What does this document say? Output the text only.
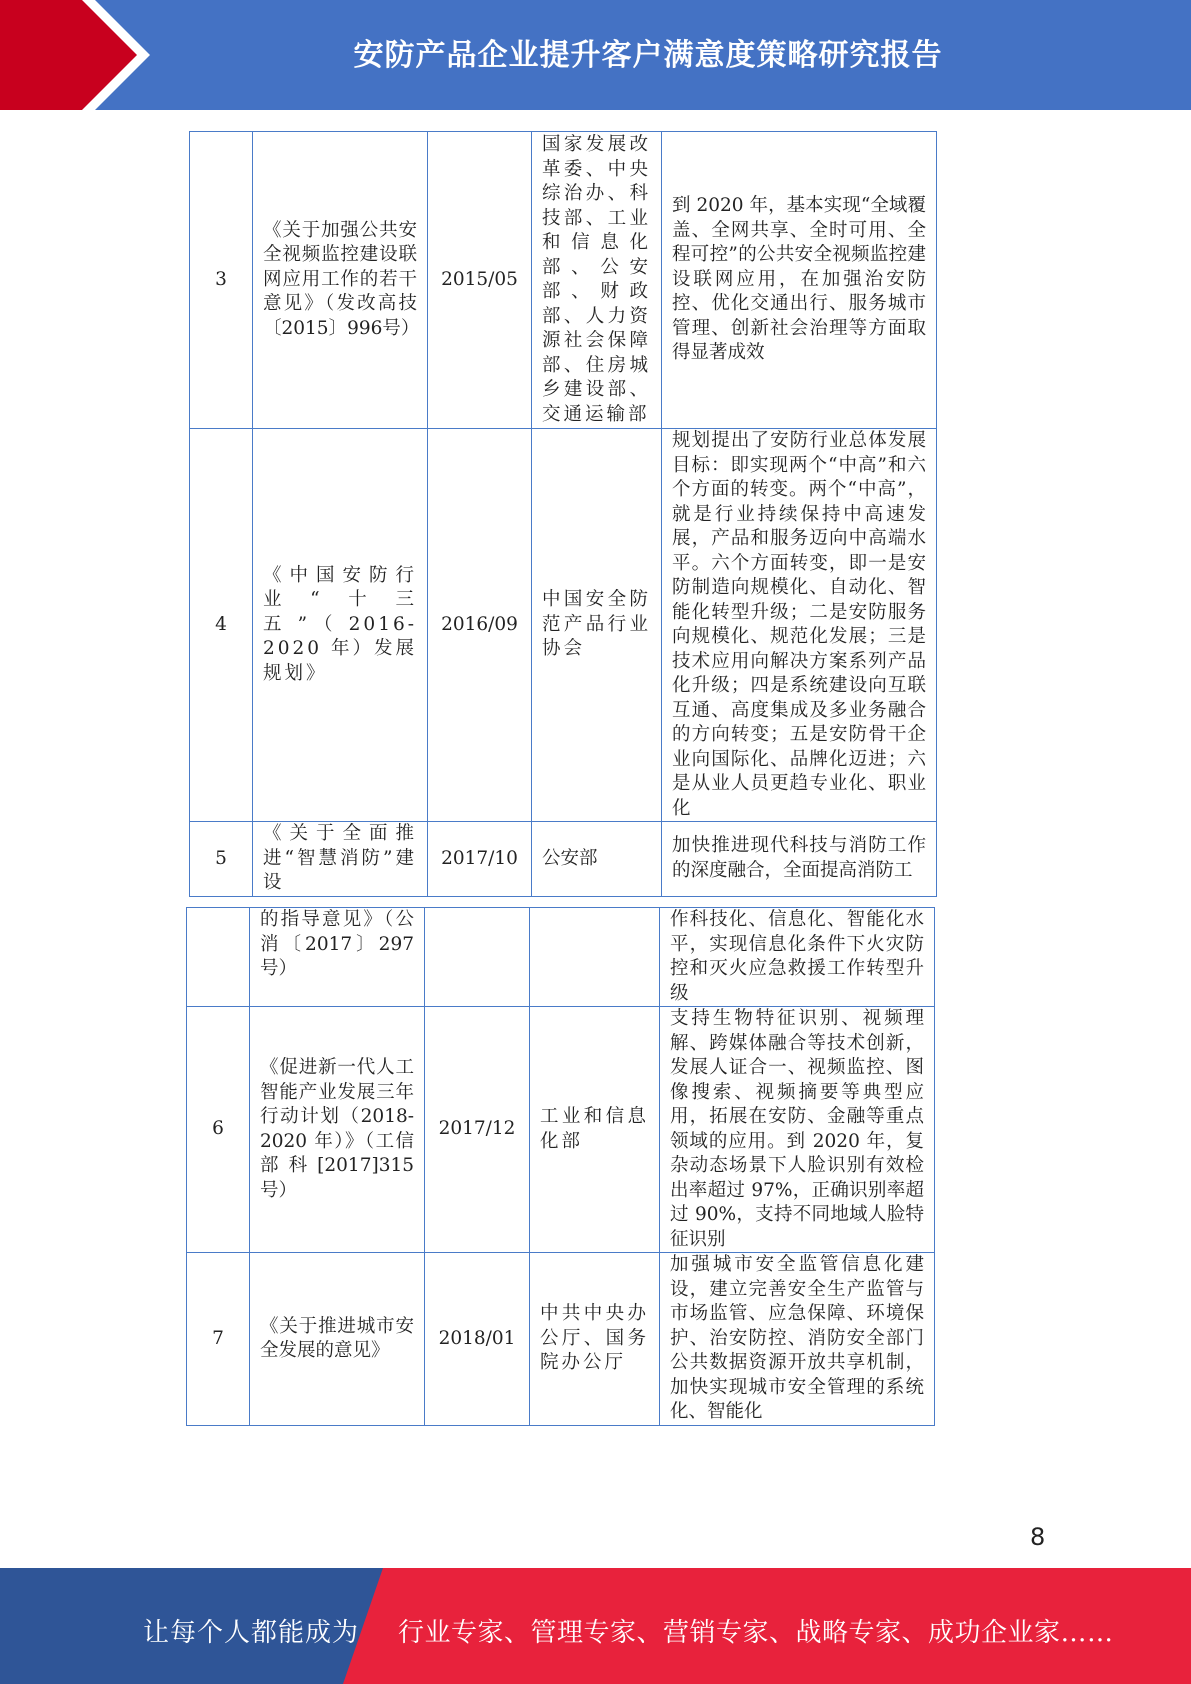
安防产品企业提升客户满意度策略研究报告
3	《关于加强公共安全视频监控建设联网应用工作的若干意见》（发改高技〔2015〕996号）	2015/05	国家发展改革委、中央综治办、科技部、工业和信息化部、公安部、财政部、人力资源社会保障部、住房城乡建设部、交通运输部	到 2020 年，基本实现“全域覆盖、全网共享、全时可用、全程可控”的公共安全视频监控建设联网应用，在加强治安防控、优化交通出行、服务城市管理、创新社会治理等方面取得显著成效
4	《中国安防行业“十三五”（2016-2020 年）发展规划》	2016/09	中国安全防范产品行业协会	规划提出了安防行业总体发展目标：即实现两个“中高”和六个方面的转变。两个“中高”，就是行业持续保持中高速发展，产品和服务迈向中高端水平。六个方面转变，即一是安防制造向规模化、自动化、智能化转型升级；二是安防服务向规模化、规范化发展；三是技术应用向解决方案系列产品化升级；四是系统建设向互联互通、高度集成及多业务融合的方向转变；五是安防骨干企业向国际化、品牌化迈进；六是从业人员更趋专业化、职业化
5	《关于全面推进“智慧消防”建设	2017/10	公安部	加快推进现代科技与消防工作的深度融合，全面提高消防工
	的指导意见》（公消〔2017〕297号）			作科技化、信息化、智能化水平，实现信息化条件下火灾防控和灭火应急救援工作转型升级
6	《促进新一代人工智能产业发展三年行动计划（2018-2020 年）》（工信部科[2017]315号）	2017/12	工业和信息化部	支持生物特征识别、视频理解、跨媒体融合等技术创新，发展人证合一、视频监控、图像搜索、视频摘要等典型应用，拓展在安防、金融等重点领域的应用。到 2020 年，复杂动态场景下人脸识别有效检出率超过 97%，正确识别率超过 90%，支持不同地域人脸特征识别
7	《关于推进城市安全发展的意见》	2018/01	中共中央办公厅、国务院办公厅	加强城市安全监管信息化建设，建立完善安全生产监管与市场监管、应急保障、环境保护、治安防控、消防安全部门公共数据资源开放共享机制，加快实现城市安全管理的系统化、智能化
8
让每个人都能成为 行业专家、管理专家、营销专家、战略专家、成功企业家……
